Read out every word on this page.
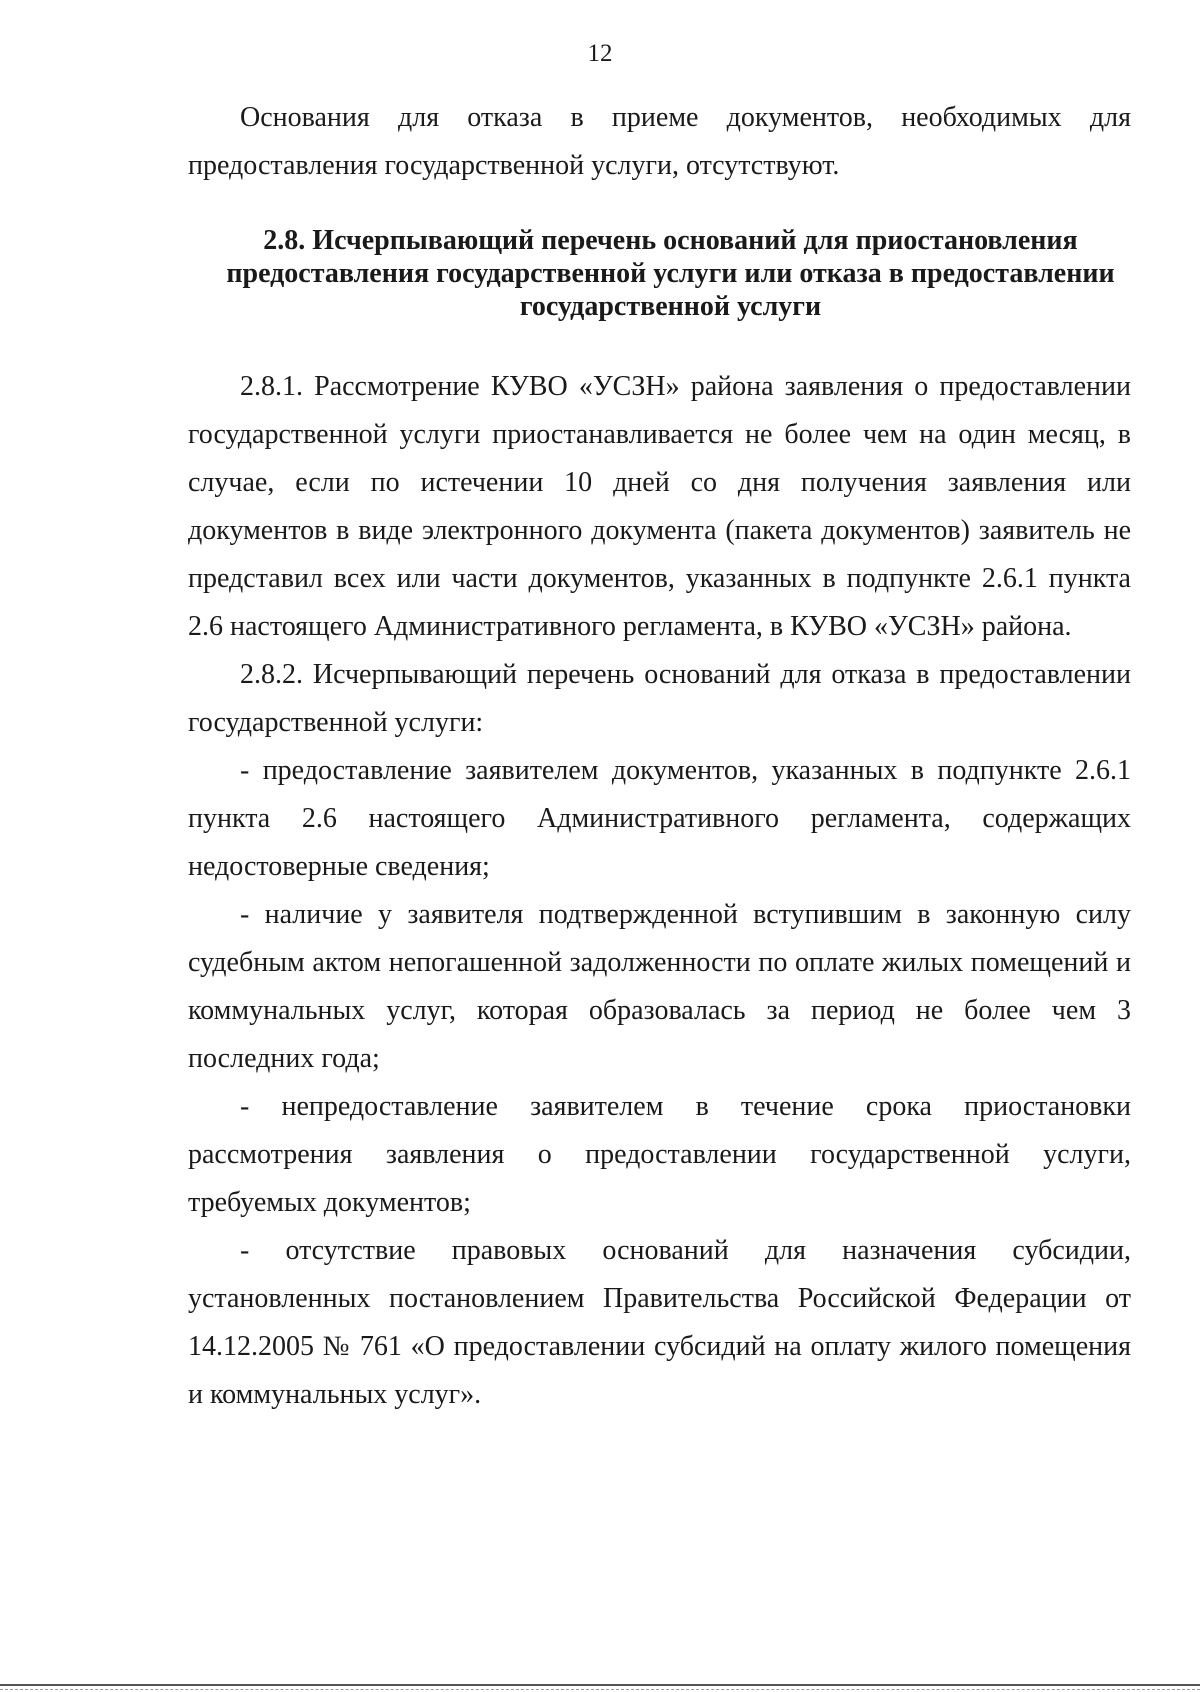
12

Основания для отказа в приеме документов, необходимых для предоставления государственной услуги, отсутствуют.

2.8. Исчерпывающий перечень оснований для приостановления

предоставления государственной услуги или отказа в предоставлении

государственной услуги

2.8.1. Рассмотрение КУВО «УСЗН» района заявления о предоставлении государственной услуги приостанавливается не более чем на один месяц, в случае, если по истечении 10 дней со дня получения заявления или документов в виде электронного документа (пакета документов) заявитель не представил всех или части документов, указанных в подпункте 2.6.1 пункта 2.6 настоящего Административного регламента, в КУВО «УСЗН» района.

2.8.2. Исчерпывающий перечень оснований для отказа в предоставлении государственной услуги:

- предоставление заявителем документов, указанных в подпункте 2.6.1 пункта 2.6 настоящего Административного регламента, содержащих недостоверные сведения;

- наличие у заявителя подтвержденной вступившим в законную силу судебным актом непогашенной задолженности по оплате жилых помещений и коммунальных услуг, которая образовалась за период не более чем 3 последних года;

- непредоставление заявителем в течение срока приостановки рассмотрения заявления о предоставлении государственной услуги, требуемых документов;

- отсутствие правовых оснований для назначения субсидии, установленных постановлением Правительства Российской Федерации от 14.12.2005 № 761 «О предоставлении субсидий на оплату жилого помещения и коммунальных услуг».
